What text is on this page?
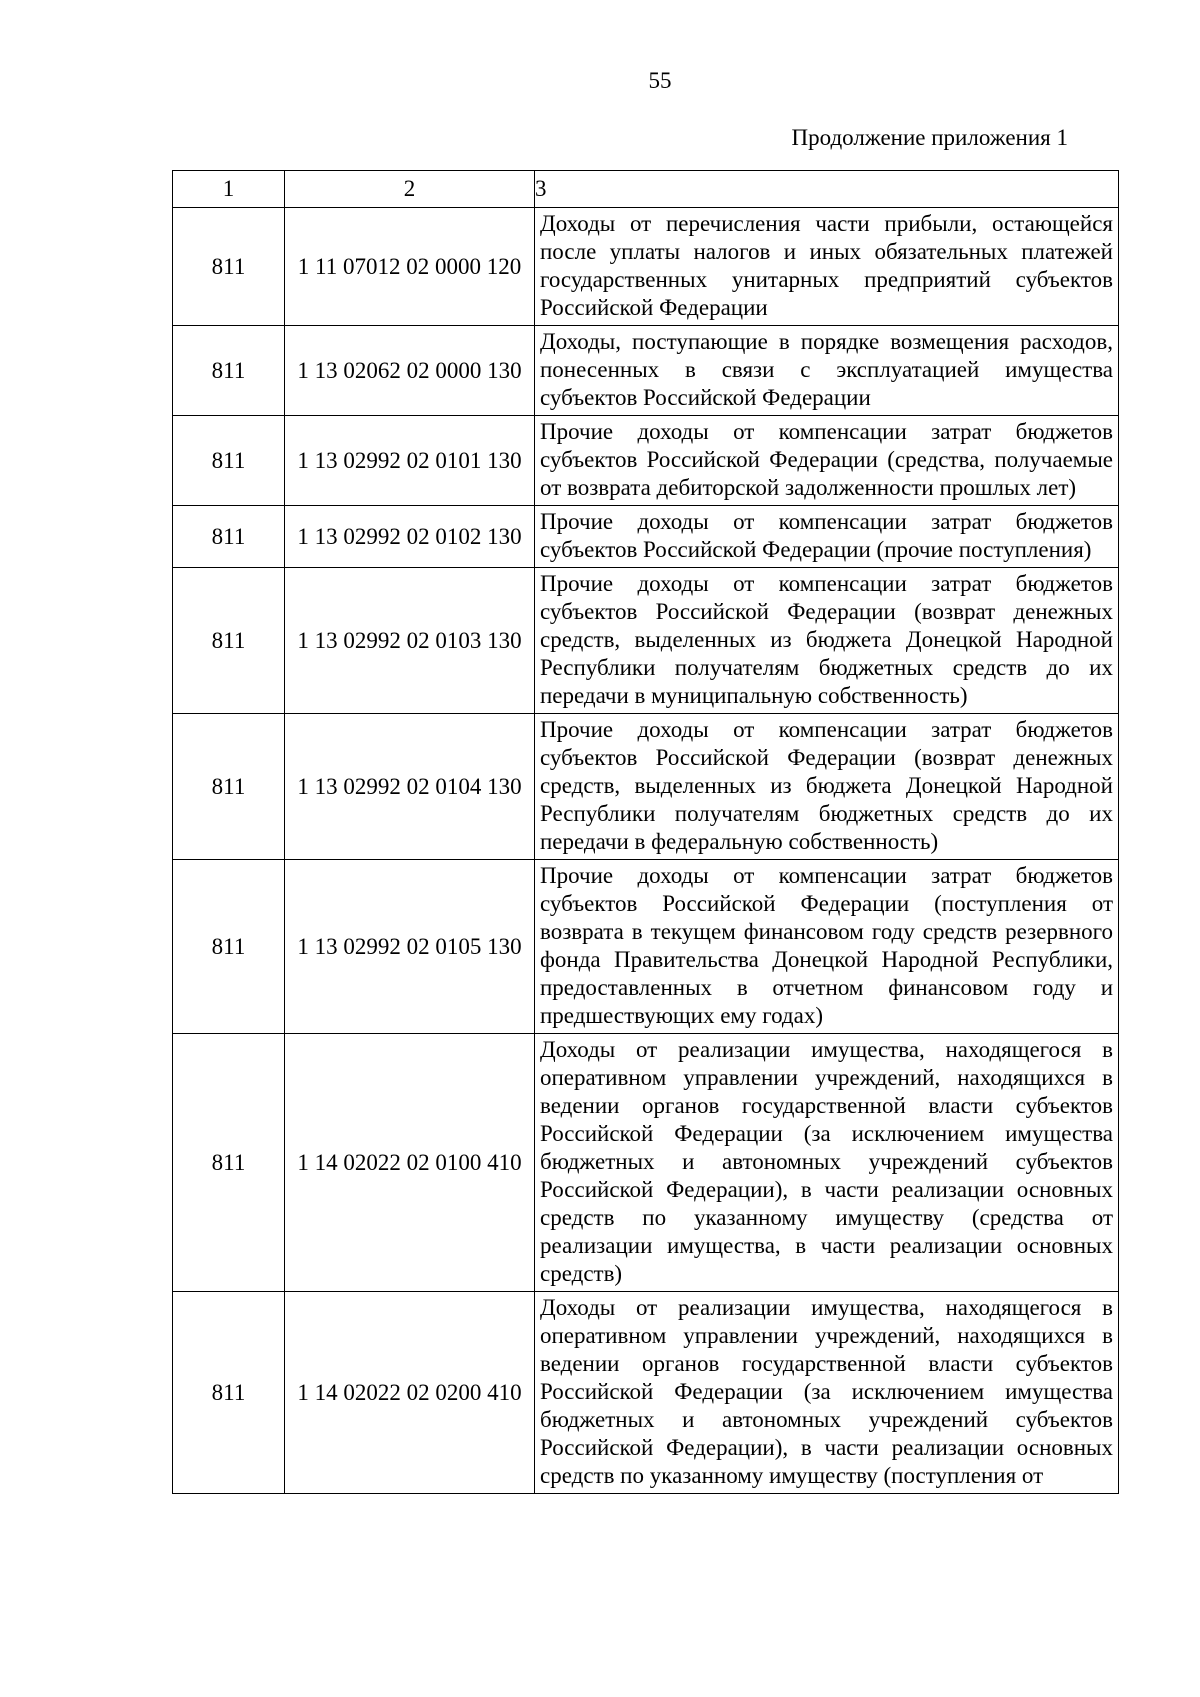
55
Продолжение приложения 1
1	2	3
811	1 11 07012 02 0000 120	Доходы от перечисления части прибыли, остающейся после уплаты налогов и иных обязательных платежей государственных унитарных предприятий субъектов Российской Федерации
811	1 13 02062 02 0000 130	Доходы, поступающие в порядке возмещения расходов, понесенных в связи с эксплуатацией имущества субъектов Российской Федерации
811	1 13 02992 02 0101 130	Прочие доходы от компенсации затрат бюджетов субъектов Российской Федерации (средства, получаемые от возврата дебиторской задолженности прошлых лет)
811	1 13 02992 02 0102 130	Прочие доходы от компенсации затрат бюджетов субъектов Российской Федерации (прочие поступления)
811	1 13 02992 02 0103 130	Прочие доходы от компенсации затрат бюджетов субъектов Российской Федерации (возврат денежных средств, выделенных из бюджета Донецкой Народной Республики получателям бюджетных средств до их передачи в муниципальную собственность)
811	1 13 02992 02 0104 130	Прочие доходы от компенсации затрат бюджетов субъектов Российской Федерации (возврат денежных средств, выделенных из бюджета Донецкой Народной Республики получателям бюджетных средств до их передачи в федеральную собственность)
811	1 13 02992 02 0105 130	Прочие доходы от компенсации затрат бюджетов субъектов Российской Федерации (поступления от возврата в текущем финансовом году средств резервного фонда Правительства Донецкой Народной Республики, предоставленных в отчетном финансовом году и предшествующих ему годах)
811	1 14 02022 02 0100 410	Доходы от реализации имущества, находящегося в оперативном управлении учреждений, находящихся в ведении органов государственной власти субъектов Российской Федерации (за исключением имущества бюджетных и автономных учреждений субъектов Российской Федерации), в части реализации основных средств по указанному имуществу (средства от реализации имущества, в части реализации основных средств)
811	1 14 02022 02 0200 410	Доходы от реализации имущества, находящегося в оперативном управлении учреждений, находящихся в ведении органов государственной власти субъектов Российской Федерации (за исключением имущества бюджетных и автономных учреждений субъектов Российской Федерации), в части реализации основных средств по указанному имуществу (поступления от
